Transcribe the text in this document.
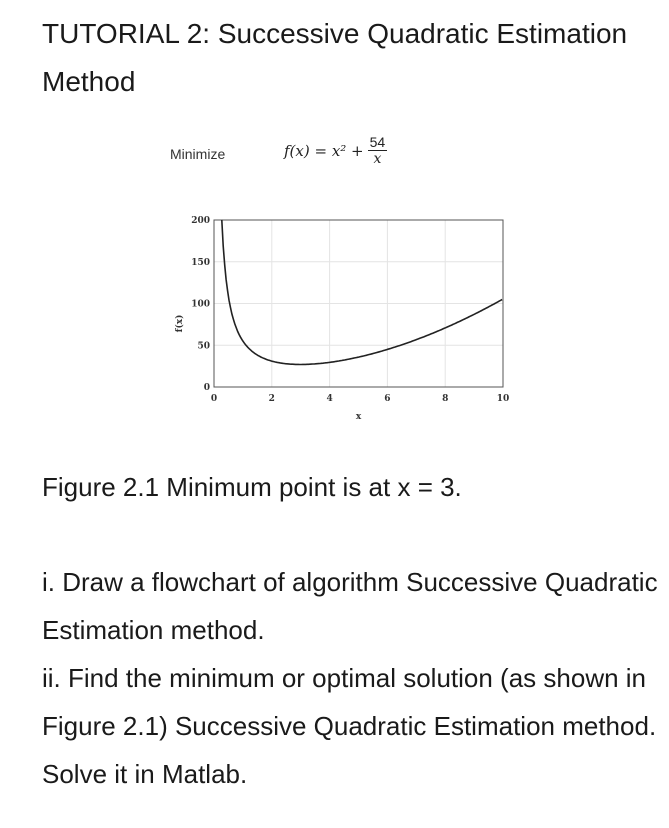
TUTORIAL 2: Successive Quadratic Estimation Method
Minimize	$f(x) = x^2 + \frac{54}{x}$
0	2	4	6	8	10
0
50
100
150
200
x
f(x)
Figure 2.1 Minimum point is at x = 3.
i. Draw a flowchart of algorithm Successive Quadratic Estimation method.
ii. Find the minimum or optimal solution (as shown in Figure 2.1) Successive Quadratic Estimation method. Solve it in Matlab.
